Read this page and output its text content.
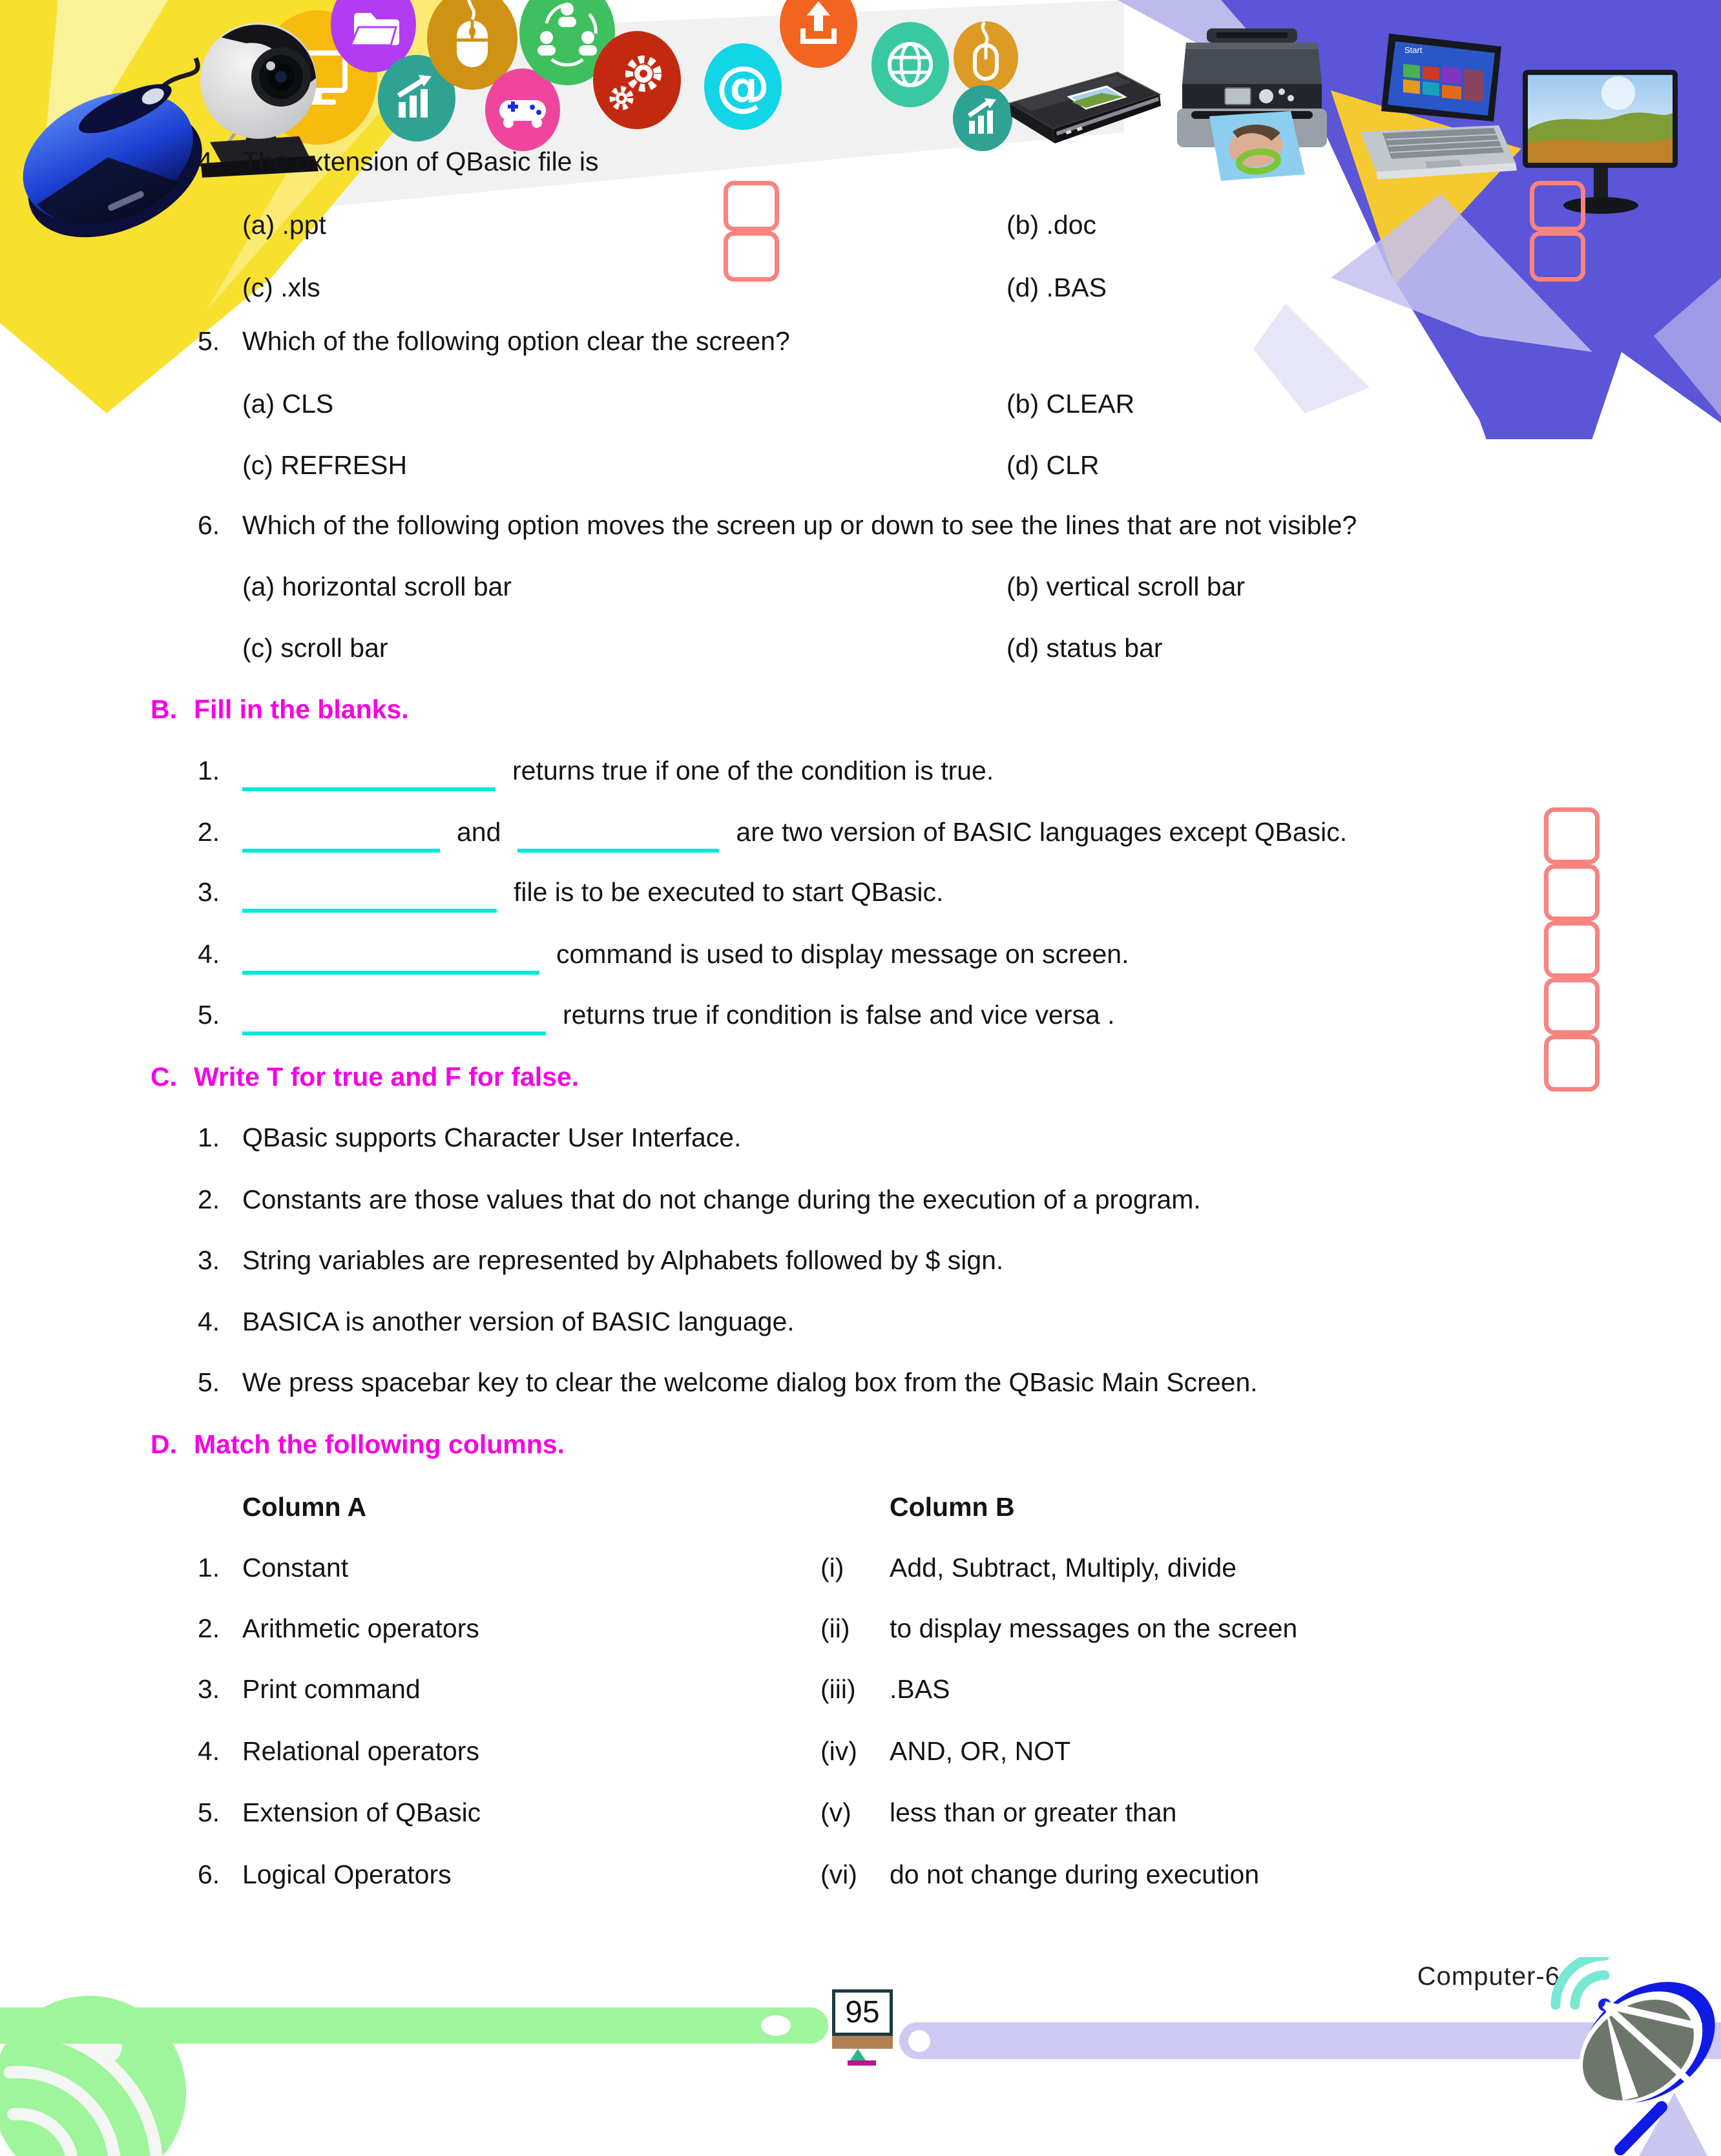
@
Start
4. The extension of QBasic file is
(a) .ppt	(b) .doc
(c) .xls	(d) .BAS
5. Which of the following option clear the screen?
(a) CLS	(b) CLEAR
(c) REFRESH	(d) CLR
6. Which of the following option moves the screen up or down to see the lines that are not visible?
(a) horizontal scroll bar	(b) vertical scroll bar
(c) scroll bar	(d) status bar
B. Fill in the blanks.
1.	returns true if one of the condition is true.
2.	and	are two version of BASIC languages except QBasic.
3.	file is to be executed to start QBasic.
4.	command is used to display message on screen.
5.	returns true if condition is false and vice versa .
C. Write T for true and F for false.
1. QBasic supports Character User Interface.
2. Constants are those values that do not change during the execution of a program.
3. String variables are represented by Alphabets followed by $ sign.
4. BASICA is another version of BASIC language.
5. We press spacebar key to clear the welcome dialog box from the QBasic Main Screen.
D. Match the following columns.
Column A	Column B
1. Constant	(i) Add, Subtract, Multiply, divide
2. Arithmetic operators	(ii) to display messages on the screen
3. Print command	(iii) .BAS
4. Relational operators	(iv) AND, OR, NOT
5. Extension of QBasic	(v) less than or greater than
6. Logical Operators	(vi) do not change during execution
95
Computer-6
